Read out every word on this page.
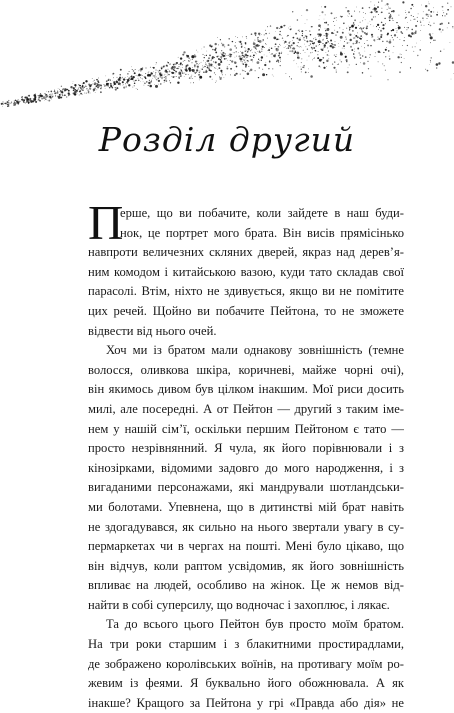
Розділ другий
П
ерше, що ви побачите, коли зайдете в наш буди-
нок, це портрет мого брата. Він висів прямісінько
навпроти величезних скляних дверей, якраз над дерев’я-
ним комодом і китайською вазою, куди тато складав свої
парасолі. Втім, ніхто не здивується, якщо ви не помітите
цих речей. Щойно ви побачите Пейтона, то не зможете
відвести від нього очей.
Хоч ми із братом мали однакову зовнішність (темне
волосся, оливкова шкіра, коричневі, майже чорні очі),
він якимось дивом був цілком інакшим. Мої риси досить
милі, але посередні. А от Пейтон — другий з таким іме-
нем у нашій сім’ї, оскільки першим Пейтоном є тато —
просто незрівнянний. Я чула, як його порівнювали і з
кінозірками, відомими задовго до мого народження, і з
вигаданими персонажами, які мандрували шотландськи-
ми болотами. Упевнена, що в дитинстві мій брат навіть
не здогадувався, як сильно на нього звертали увагу в су-
пермаркетах чи в чергах на пошті. Мені було цікаво, що
він відчув, коли раптом усвідомив, як його зовнішність
впливає на людей, особливо на жінок. Це ж немов від-
найти в собі суперсилу, що водночас і захоплює, і лякає.
Та до всього цього Пейтон був просто моїм братом.
На три роки старшим і з блакитними простирадлами,
де зображено королівських воїнів, на противагу моїм ро-
жевим із феями. Я буквально його обожнювала. А як
інакше? Кращого за Пейтона у грі «Правда або дія» не
